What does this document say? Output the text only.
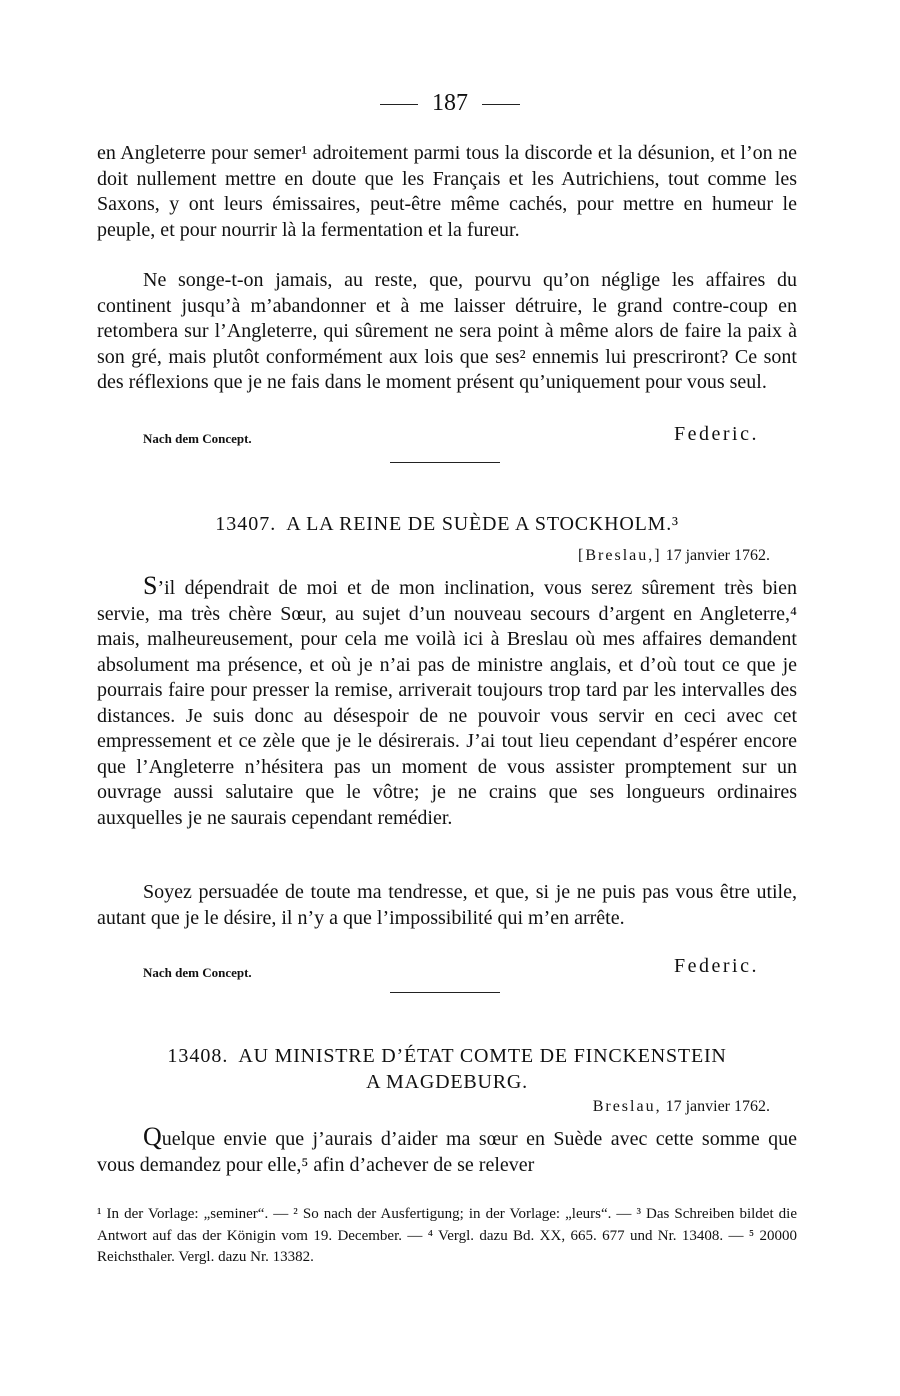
187

en Angleterre pour semer¹ adroitement parmi tous la discorde et la désunion, et l’on ne doit nullement mettre en doute que les Français et les Autrichiens, tout comme les Saxons, y ont leurs émissaires, peut-être même cachés, pour mettre en humeur le peuple, et pour nourrir là la fermentation et la fureur.

Ne songe-t-on jamais, au reste, que, pourvu qu’on néglige les affaires du continent jusqu’à m’abandonner et à me laisser détruire, le grand contre-coup en retombera sur l’Angleterre, qui sûrement ne sera point à même alors de faire la paix à son gré, mais plutôt conformément aux lois que ses² ennemis lui prescriront? Ce sont des réflexions que je ne fais dans le moment présent qu’uniquement pour vous seul.

Nach dem Concept.	Federic.
13407. A LA REINE DE SUÈDE A STOCKHOLM.³
[Breslau,] 17 janvier 1762.

S’il dépendrait de moi et de mon inclination, vous serez sûrement très bien servie, ma très chère Sœur, au sujet d’un nouveau secours d’argent en Angleterre,⁴ mais, malheureusement, pour cela me voilà ici à Breslau où mes affaires demandent absolument ma présence, et où je n’ai pas de ministre anglais, et d’où tout ce que je pourrais faire pour presser la remise, arriverait toujours trop tard par les intervalles des distances. Je suis donc au désespoir de ne pouvoir vous servir en ceci avec cet empressement et ce zèle que je le désirerais. J’ai tout lieu cependant d’espérer encore que l’Angleterre n’hésitera pas un moment de vous assister promptement sur un ouvrage aussi salutaire que le vôtre; je ne crains que ses longueurs ordinaires auxquelles je ne saurais cependant remédier.

Soyez persuadée de toute ma tendresse, et que, si je ne puis pas vous être utile, autant que je le désire, il n’y a que l’impossibilité qui m’en arrête.

Nach dem Concept.	Federic.
13408. AU MINISTRE D’ÉTAT COMTE DE FINCKENSTEIN
A MAGDEBURG.
Breslau, 17 janvier 1762.

Quelque envie que j’aurais d’aider ma sœur en Suède avec cette somme que vous demandez pour elle,⁵ afin d’achever de se relever

¹ In der Vorlage: „seminer“. — ² So nach der Ausfertigung; in der Vorlage: „leurs“. — ³ Das Schreiben bildet die Antwort auf das der Königin vom 19. December. — ⁴ Vergl. dazu Bd. XX, 665. 677 und Nr. 13408. — ⁵ 20000 Reichsthaler. Vergl. dazu Nr. 13382.
